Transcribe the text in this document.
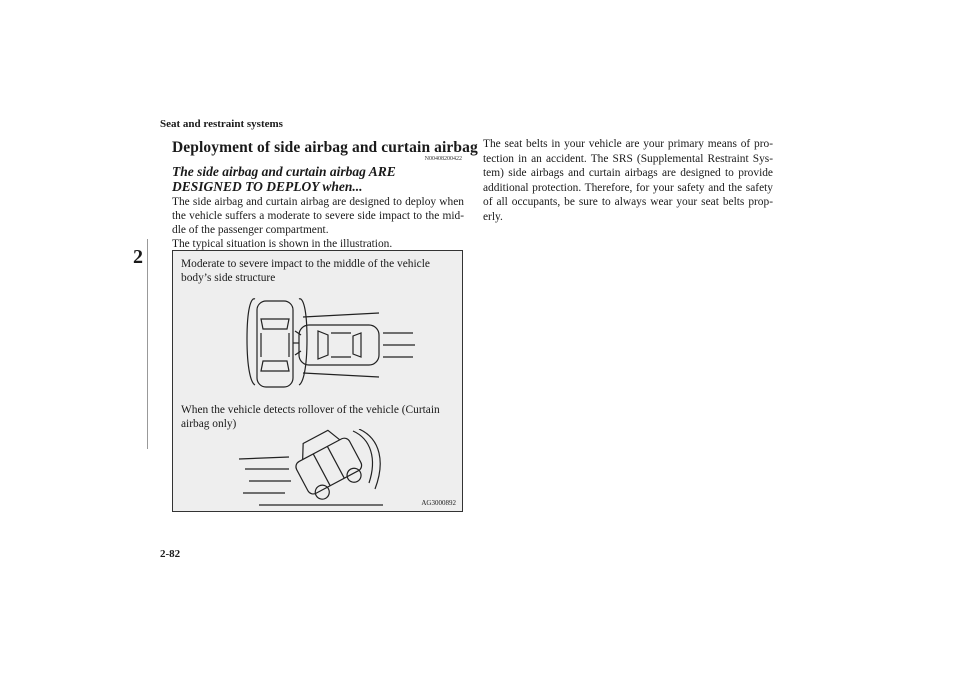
Seat and restraint systems
2
Deployment of side airbag and curtain airbag
N00408200422
The side airbag and curtain airbag ARE DESIGNED TO DEPLOY when...
The side airbag and curtain airbag are designed to deploy when the vehicle suffers a moderate to severe side impact to the mid-dle of the passenger compartment.
The typical situation is shown in the illustration.
Moderate to severe impact to the middle of the vehicle body’s side structure
When the vehicle detects rollover of the vehicle (Curtain airbag only)
AG3000892
The seat belts in your vehicle are your primary means of pro-tection in an accident. The SRS (Supplemental Restraint Sys-tem) side airbags and curtain airbags are designed to provide additional protection. Therefore, for your safety and the safety of all occupants, be sure to always wear your seat belts prop-erly.
2-82
